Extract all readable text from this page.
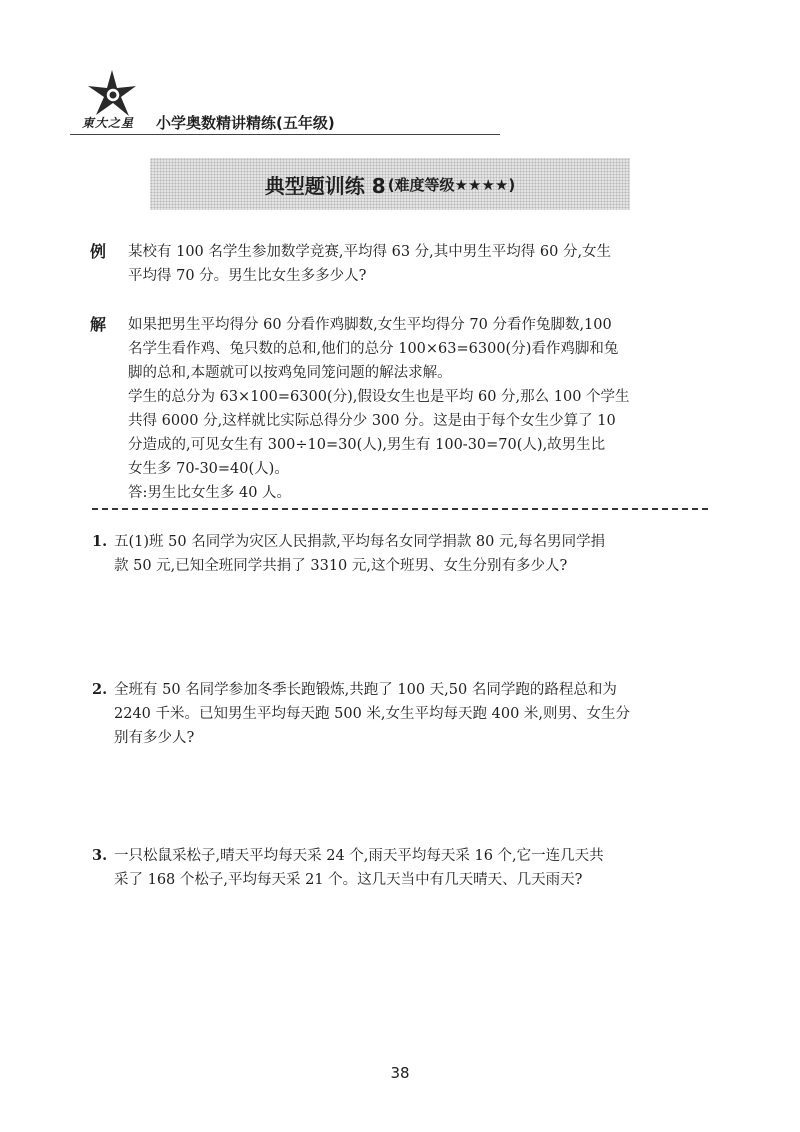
東大之星 小学奥数精讲精练(五年级)
典型题训练 8 (难度等级★★★★)
例 某校有 100 名学生参加数学竞赛,平均得 63 分,其中男生平均得 60 分,女生
平均得 70 分。男生比女生多多少人?
解 如果把男生平均得分 60 分看作鸡脚数,女生平均得分 70 分看作兔脚数,100
名学生看作鸡、兔只数的总和,他们的总分 100×63=6300(分)看作鸡脚和兔
脚的总和,本题就可以按鸡兔同笼问题的解法求解。
学生的总分为 63×100=6300(分),假设女生也是平均 60 分,那么 100 个学生
共得 6000 分,这样就比实际总得分少 300 分。这是由于每个女生少算了 10
分造成的,可见女生有 300÷10=30(人),男生有 100-30=70(人),故男生比
女生多 70-30=40(人)。
答:男生比女生多 40 人。
1. 五(1)班 50 名同学为灾区人民捐款,平均每名女同学捐款 80 元,每名男同学捐
款 50 元,已知全班同学共捐了 3310 元,这个班男、女生分别有多少人?
2. 全班有 50 名同学参加冬季长跑锻炼,共跑了 100 天,50 名同学跑的路程总和为
2240 千米。已知男生平均每天跑 500 米,女生平均每天跑 400 米,则男、女生分
别有多少人?
3. 一只松鼠采松子,晴天平均每天采 24 个,雨天平均每天采 16 个,它一连几天共
采了 168 个松子,平均每天采 21 个。这几天当中有几天晴天、几天雨天?
38
